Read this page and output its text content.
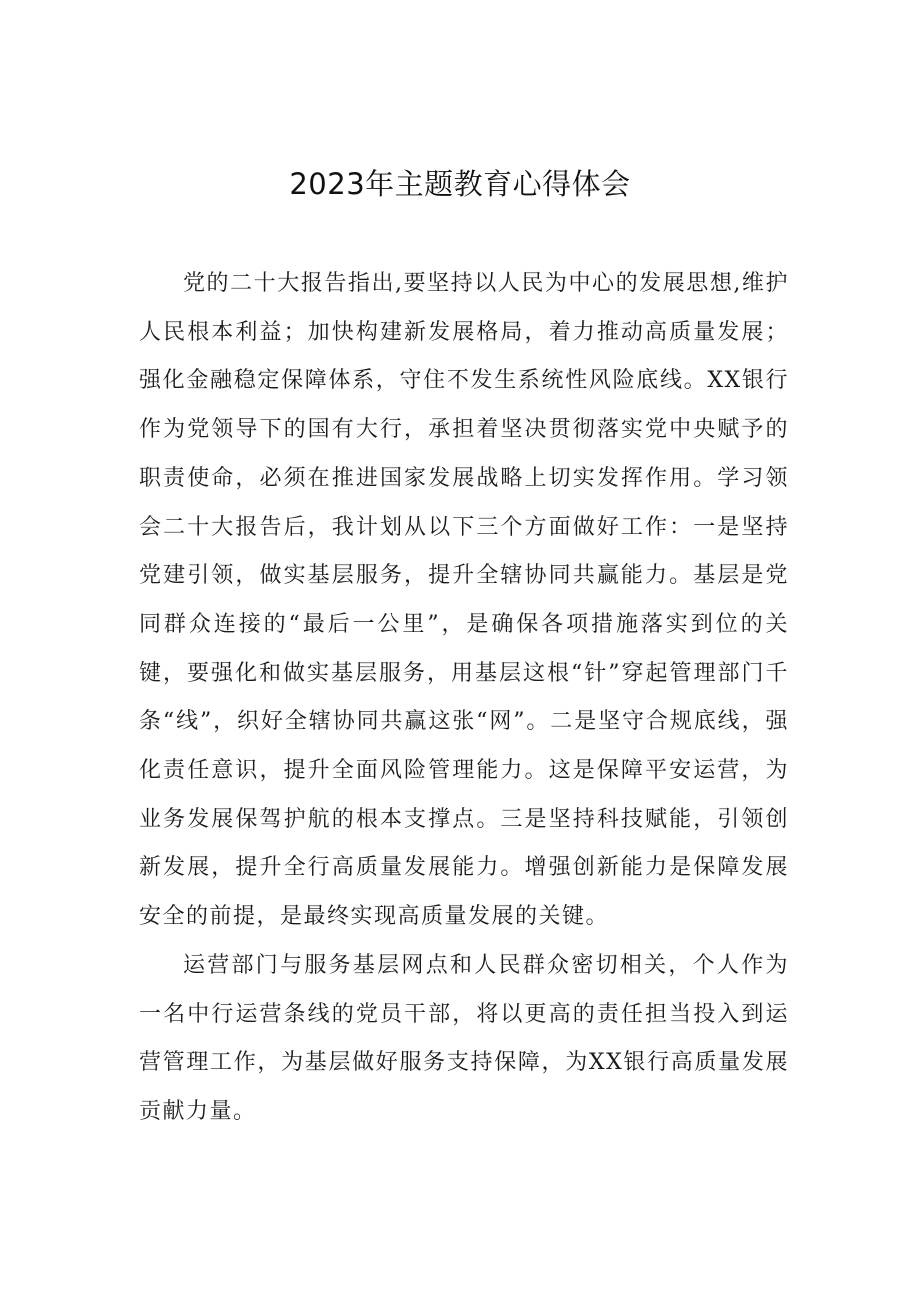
2023年主题教育心得体会

党的二十大报告指出,要坚持以人民为中心的发展思想,维护人民根本利益；加快构建新发展格局，着力推动高质量发展；强化金融稳定保障体系，守住不发生系统性风险底线。XX银行作为党领导下的国有大行，承担着坚决贯彻落实党中央赋予的职责使命，必须在推进国家发展战略上切实发挥作用。学习领会二十大报告后，我计划从以下三个方面做好工作：一是坚持党建引领，做实基层服务，提升全辖协同共赢能力。基层是党同群众连接的“最后一公里”，是确保各项措施落实到位的关键，要强化和做实基层服务，用基层这根“针”穿起管理部门千条“线”，织好全辖协同共赢这张“网”。二是坚守合规底线，强化责任意识，提升全面风险管理能力。这是保障平安运营，为业务发展保驾护航的根本支撑点。三是坚持科技赋能，引领创新发展，提升全行高质量发展能力。增强创新能力是保障发展安全的前提，是最终实现高质量发展的关键。

运营部门与服务基层网点和人民群众密切相关，个人作为一名中行运营条线的党员干部，将以更高的责任担当投入到运营管理工作，为基层做好服务支持保障，为XX银行高质量发展贡献力量。
